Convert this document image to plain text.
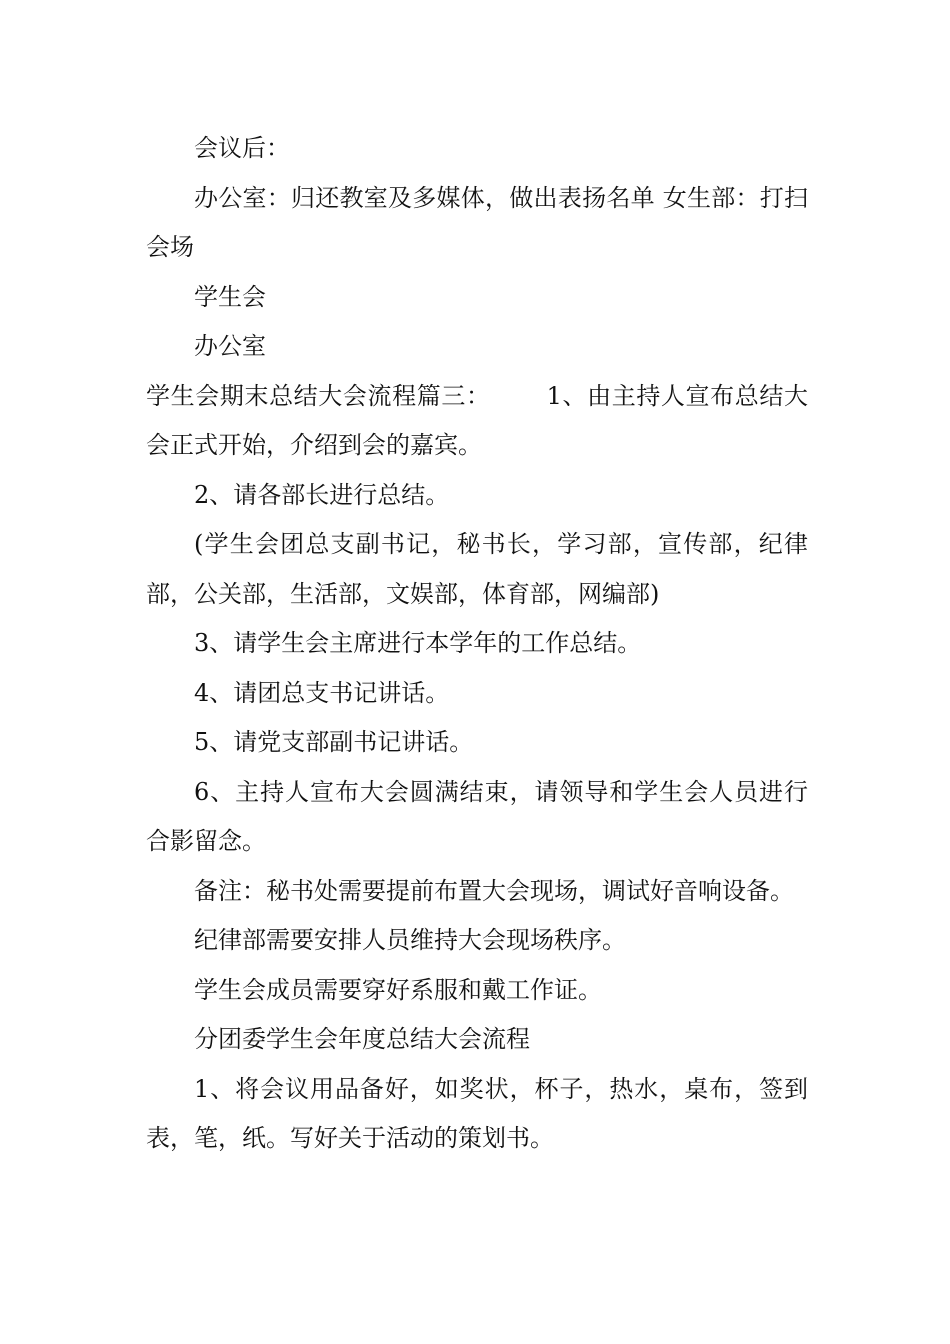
会议后：

办公室：归还教室及多媒体，做出表扬名单 女生部：打扫会场

学生会

办公室

学生会期末总结大会流程篇三： 1、由主持人宣布总结大会正式开始，介绍到会的嘉宾。

2、请各部长进行总结。

(学生会团总支副书记，秘书长，学习部，宣传部，纪律部，公关部，生活部，文娱部，体育部，网编部)

3、请学生会主席进行本学年的工作总结。

4、请团总支书记讲话。

5、请党支部副书记讲话。

6、主持人宣布大会圆满结束，请领导和学生会人员进行合影留念。

备注：秘书处需要提前布置大会现场，调试好音响设备。

纪律部需要安排人员维持大会现场秩序。

学生会成员需要穿好系服和戴工作证。

分团委学生会年度总结大会流程

1、将会议用品备好，如奖状，杯子，热水，桌布，签到表，笔，纸。写好关于活动的策划书。
